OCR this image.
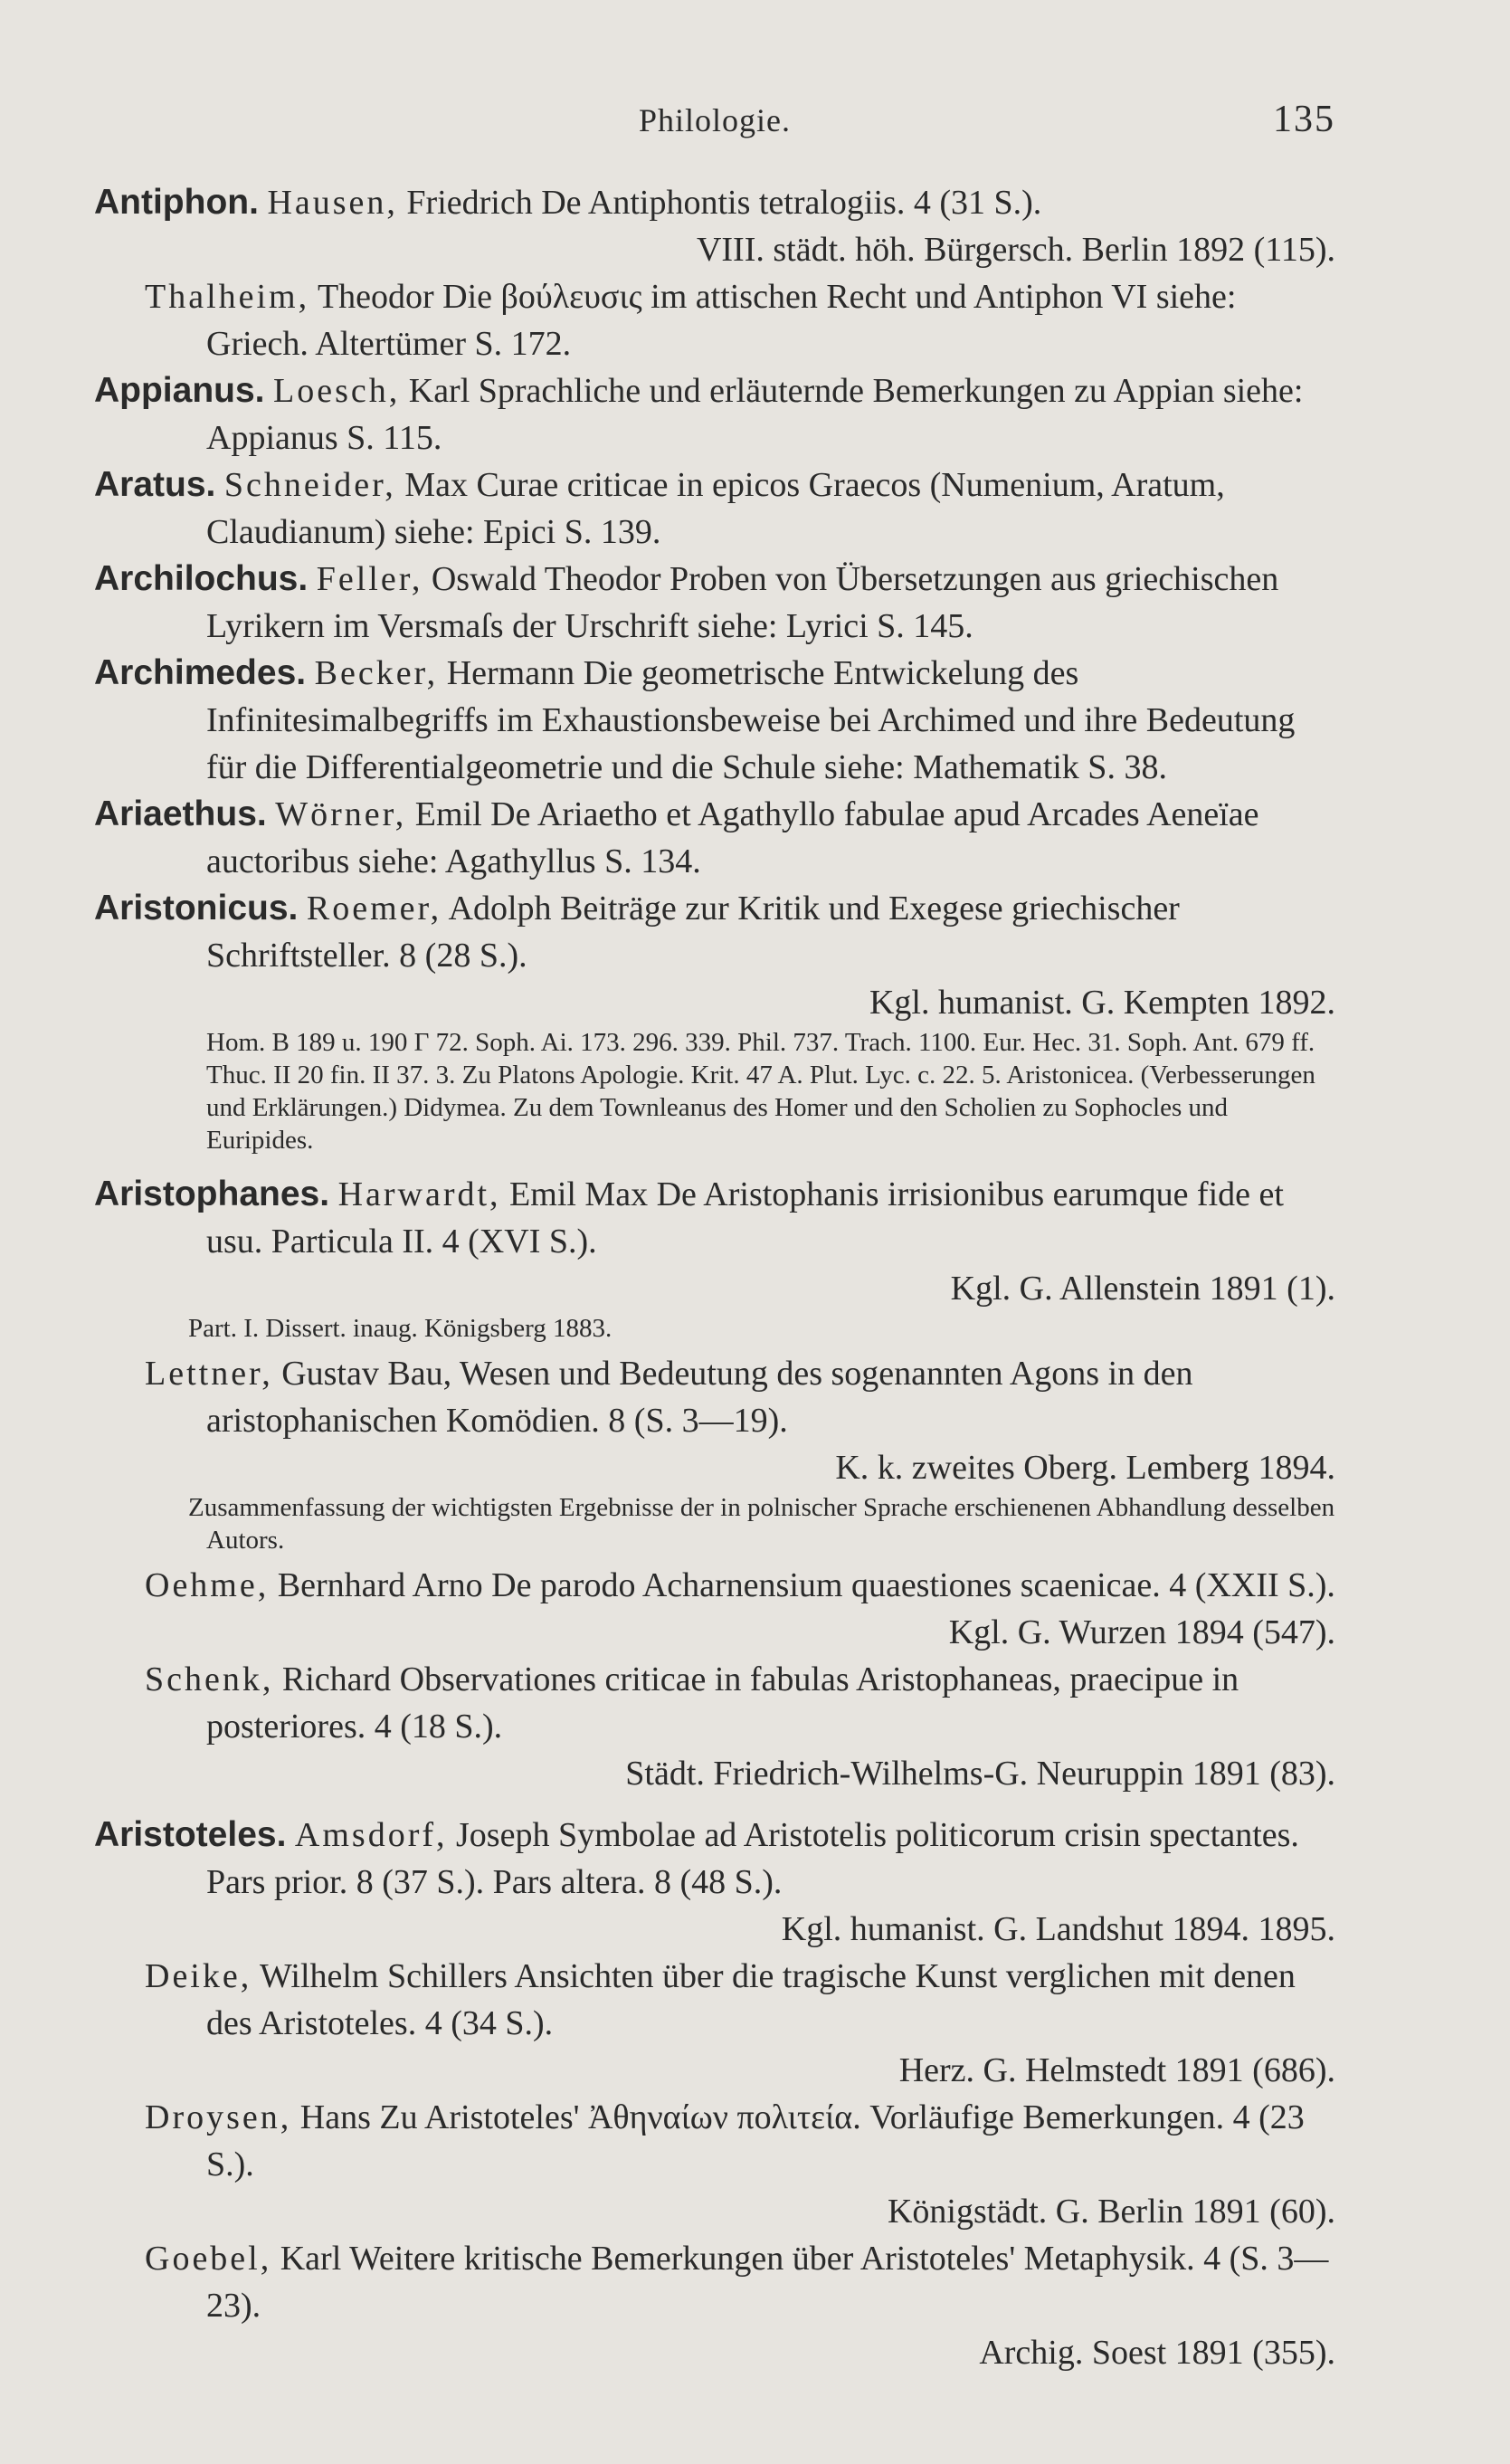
Philologie.	135

Antiphon. Hausen, Friedrich De Antiphontis tetralogiis. 4 (31 S.).
VIII. städt. höh. Bürgersch. Berlin 1892 (115).

Thalheim, Theodor Die βούλευσις im attischen Recht und Antiphon VI siehe: Griech. Altertümer S. 172.

Appianus. Loesch, Karl Sprachliche und erläuternde Bemerkungen zu Appian siehe: Appianus S. 115.

Aratus. Schneider, Max Curae criticae in epicos Graecos (Numenium, Aratum, Claudianum) siehe: Epici S. 139.

Archilochus. Feller, Oswald Theodor Proben von Übersetzungen aus griechischen Lyrikern im Versmaſs der Urschrift siehe: Lyrici S. 145.

Archimedes. Becker, Hermann Die geometrische Entwickelung des Infinitesimalbegriffs im Exhaustionsbeweise bei Archimed und ihre Bedeutung für die Differentialgeometrie und die Schule siehe: Mathematik S. 38.

Ariaethus. Wörner, Emil De Ariaetho et Agathyllo fabulae apud Arcades Aeneïae auctoribus siehe: Agathyllus S. 134.

Aristonicus. Roemer, Adolph Beiträge zur Kritik und Exegese griechischer Schriftsteller. 8 (28 S.).
Kgl. humanist. G. Kempten 1892.

Hom. B 189 u. 190 Γ 72. Soph. Ai. 173. 296. 339. Phil. 737. Trach. 1100. Eur. Hec. 31. Soph. Ant. 679 ff. Thuc. II 20 fin. II 37. 3. Zu Platons Apologie. Krit. 47 A. Plut. Lyc. c. 22. 5. Aristonicea. (Verbesserungen und Erklärungen.) Didymea. Zu dem Townleanus des Homer und den Scholien zu Sophocles und Euripides.

Aristophanes. Harwardt, Emil Max De Aristophanis irrisionibus earumque fide et usu. Particula II. 4 (XVI S.).
Kgl. G. Allenstein 1891 (1).

Part. I. Dissert. inaug. Königsberg 1883.

Lettner, Gustav Bau, Wesen und Bedeutung des sogenannten Agons in den aristophanischen Komödien. 8 (S. 3—19).
K. k. zweites Oberg. Lemberg 1894.

Zusammenfassung der wichtigsten Ergebnisse der in polnischer Sprache erschienenen Abhandlung desselben Autors.

Oehme, Bernhard Arno De parodo Acharnensium quaestiones scaenicae. 4 (XXII S.).
Kgl. G. Wurzen 1894 (547).

Schenk, Richard Observationes criticae in fabulas Aristophaneas, praecipue in posteriores. 4 (18 S.).
Städt. Friedrich-Wilhelms-G. Neuruppin 1891 (83).

Aristoteles. Amsdorf, Joseph Symbolae ad Aristotelis politicorum crisin spectantes. Pars prior. 8 (37 S.). Pars altera. 8 (48 S.).
Kgl. humanist. G. Landshut 1894. 1895.

Deike, Wilhelm Schillers Ansichten über die tragische Kunst verglichen mit denen des Aristoteles. 4 (34 S.).
Herz. G. Helmstedt 1891 (686).

Droysen, Hans Zu Aristoteles' Ἀθηναίων πολιτεία. Vorläufige Bemerkungen. 4 (23 S.).
Königstädt. G. Berlin 1891 (60).

Goebel, Karl Weitere kritische Bemerkungen über Aristoteles' Metaphysik. 4 (S. 3—23).
Archig. Soest 1891 (355).
